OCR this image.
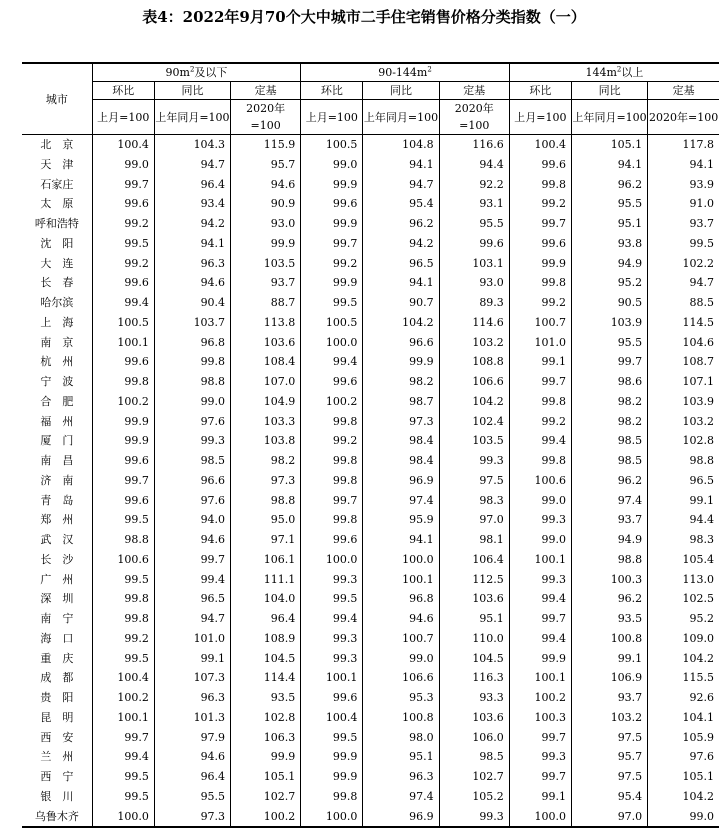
表4：2022年9月70个大中城市二手住宅销售价格分类指数（一）
城市	$90m^2$及以下			$90-144m^2$			$144m^2$以上		
	环比	同比	定基	环比	同比	定基	环比	同比	定基
	上月=100	上年同月=100	2020年=100	上月=100	上年同月=100	2020年=100	上月=100	上年同月=100	2020年=100
北　京	100.4	104.3	115.9	100.5	104.8	116.6	100.4	105.1	117.8
天　津	99.0	94.7	95.7	99.0	94.1	94.4	99.6	94.1	94.1
石家庄	99.7	96.4	94.6	99.9	94.7	92.2	99.8	96.2	93.9
太　原	99.6	93.4	90.9	99.6	95.4	93.1	99.2	95.5	91.0
呼和浩特	99.2	94.2	93.0	99.9	96.2	95.5	99.7	95.1	93.7
沈　阳	99.5	94.1	99.9	99.7	94.2	99.6	99.6	93.8	99.5
大　连	99.2	96.3	103.5	99.2	96.5	103.1	99.9	94.9	102.2
长　春	99.6	94.6	93.7	99.9	94.1	93.0	99.8	95.2	94.7
哈尔滨	99.4	90.4	88.7	99.5	90.7	89.3	99.2	90.5	88.5
上　海	100.5	103.7	113.8	100.5	104.2	114.6	100.7	103.9	114.5
南　京	100.1	96.8	103.6	100.0	96.6	103.2	101.0	95.5	104.6
杭　州	99.6	99.8	108.4	99.4	99.9	108.8	99.1	99.7	108.7
宁　波	99.8	98.8	107.0	99.6	98.2	106.6	99.7	98.6	107.1
合　肥	100.2	99.0	104.9	100.2	98.7	104.2	99.8	98.2	103.9
福　州	99.9	97.6	103.3	99.8	97.3	102.4	99.2	98.2	103.2
厦　门	99.9	99.3	103.8	99.2	98.4	103.5	99.4	98.5	102.8
南　昌	99.6	98.5	98.2	99.8	98.4	99.3	99.8	98.5	98.8
济　南	99.7	96.6	97.3	99.8	96.9	97.5	100.6	96.2	96.5
青　岛	99.6	97.6	98.8	99.7	97.4	98.3	99.0	97.4	99.1
郑　州	99.5	94.0	95.0	99.8	95.9	97.0	99.3	93.7	94.4
武　汉	98.8	94.6	97.1	99.6	94.1	98.1	99.0	94.9	98.3
长　沙	100.6	99.7	106.1	100.0	100.0	106.4	100.1	98.8	105.4
广　州	99.5	99.4	111.1	99.3	100.1	112.5	99.3	100.3	113.0
深　圳	99.8	96.5	104.0	99.5	96.8	103.6	99.4	96.2	102.5
南　宁	99.8	94.7	96.4	99.4	94.6	95.1	99.7	93.5	95.2
海　口	99.2	101.0	108.9	99.3	100.7	110.0	99.4	100.8	109.0
重　庆	99.5	99.1	104.5	99.3	99.0	104.5	99.9	99.1	104.2
成　都	100.4	107.3	114.4	100.1	106.6	116.3	100.1	106.9	115.5
贵　阳	100.2	96.3	93.5	99.6	95.3	93.3	100.2	93.7	92.6
昆　明	100.1	101.3	102.8	100.4	100.8	103.6	100.3	103.2	104.1
西　安	99.7	97.9	106.3	99.5	98.0	106.0	99.7	97.5	105.9
兰　州	99.4	94.6	99.9	99.9	95.1	98.5	99.3	95.7	97.6
西　宁	99.5	96.4	105.1	99.9	96.3	102.7	99.7	97.5	105.1
银　川	99.5	95.5	102.7	99.8	97.4	105.2	99.1	95.4	104.2
乌鲁木齐	100.0	97.3	100.2	100.0	96.9	99.3	100.0	97.0	99.0
